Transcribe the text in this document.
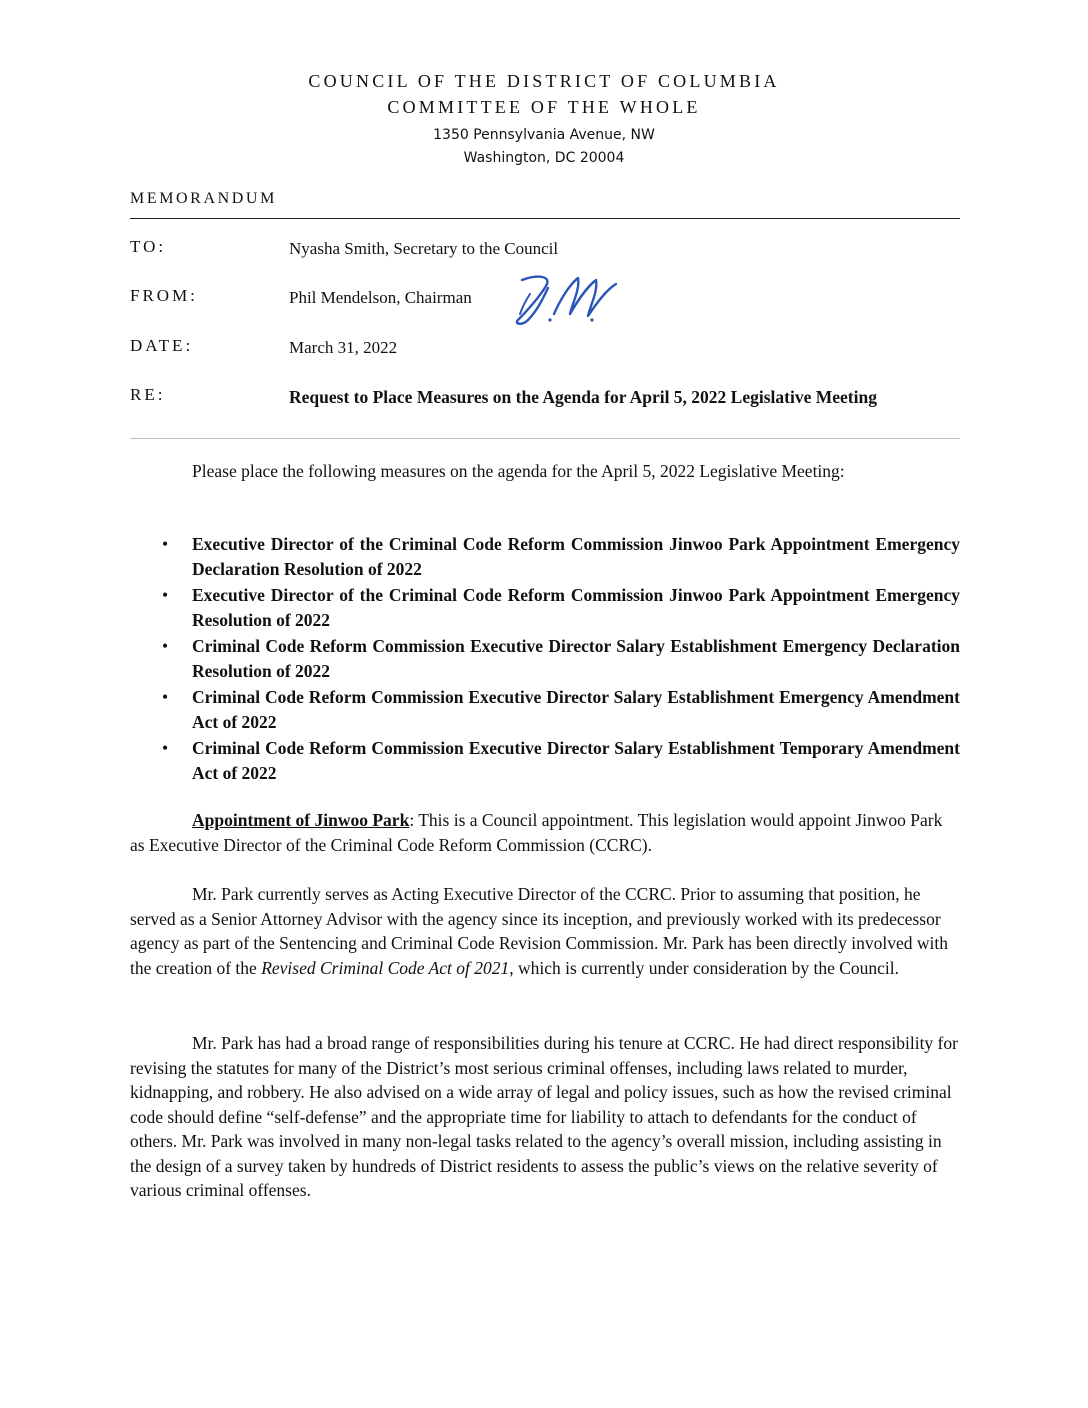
COUNCIL OF THE DISTRICT OF COLUMBIA
COMMITTEE OF THE WHOLE
1350 Pennsylvania Avenue, NW
Washington, DC 20004
MEMORANDUM
TO:	Nyasha Smith, Secretary to the Council
FROM:	Phil Mendelson, Chairman
DATE:	March 31, 2022
RE:	Request to Place Measures on the Agenda for April 5, 2022 Legislative Meeting
Please place the following measures on the agenda for the April 5, 2022 Legislative Meeting:
• Executive Director of the Criminal Code Reform Commission Jinwoo Park Appointment Emergency Declaration Resolution of 2022
• Executive Director of the Criminal Code Reform Commission Jinwoo Park Appointment Emergency Resolution of 2022
• Criminal Code Reform Commission Executive Director Salary Establishment Emergency Declaration Resolution of 2022
• Criminal Code Reform Commission Executive Director Salary Establishment Emergency Amendment Act of 2022
• Criminal Code Reform Commission Executive Director Salary Establishment Temporary Amendment Act of 2022
Appointment of Jinwoo Park: This is a Council appointment. This legislation would appoint Jinwoo Park as Executive Director of the Criminal Code Reform Commission (CCRC).
Mr. Park currently serves as Acting Executive Director of the CCRC. Prior to assuming that position, he served as a Senior Attorney Advisor with the agency since its inception, and previously worked with its predecessor agency as part of the Sentencing and Criminal Code Revision Commission. Mr. Park has been directly involved with the creation of the Revised Criminal Code Act of 2021, which is currently under consideration by the Council.
Mr. Park has had a broad range of responsibilities during his tenure at CCRC. He had direct responsibility for revising the statutes for many of the District’s most serious criminal offenses, including laws related to murder, kidnapping, and robbery. He also advised on a wide array of legal and policy issues, such as how the revised criminal code should define “self-defense” and the appropriate time for liability to attach to defendants for the conduct of others. Mr. Park was involved in many non-legal tasks related to the agency’s overall mission, including assisting in the design of a survey taken by hundreds of District residents to assess the public’s views on the relative severity of various criminal offenses.
